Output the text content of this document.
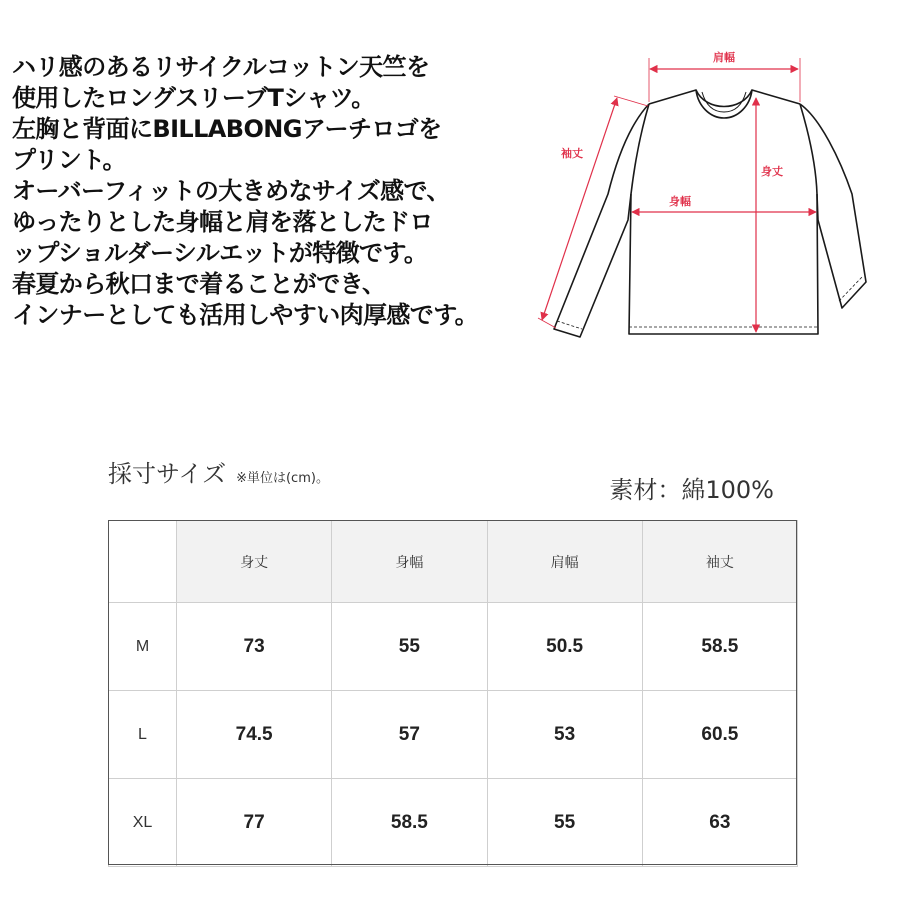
ハリ感のあるリサイクルコットン天竺を
使用したロングスリーブTシャツ。
左胸と背面にBILLABONGアーチロゴを
プリント。
オーバーフィットの大きめなサイズ感で、
ゆったりとした身幅と肩を落としたドロ
ップショルダーシルエットが特徴です。
春夏から秋口まで着ることができ、
インナーとしても活用しやすい肉厚感です。
肩幅
袖丈
身丈
身幅
採寸サイズ ※単位は(cm)。	素材：綿100%
	身丈	身幅	肩幅	袖丈
M	73	55	50.5	58.5
L	74.5	57	53	60.5
XL	77	58.5	55	63
